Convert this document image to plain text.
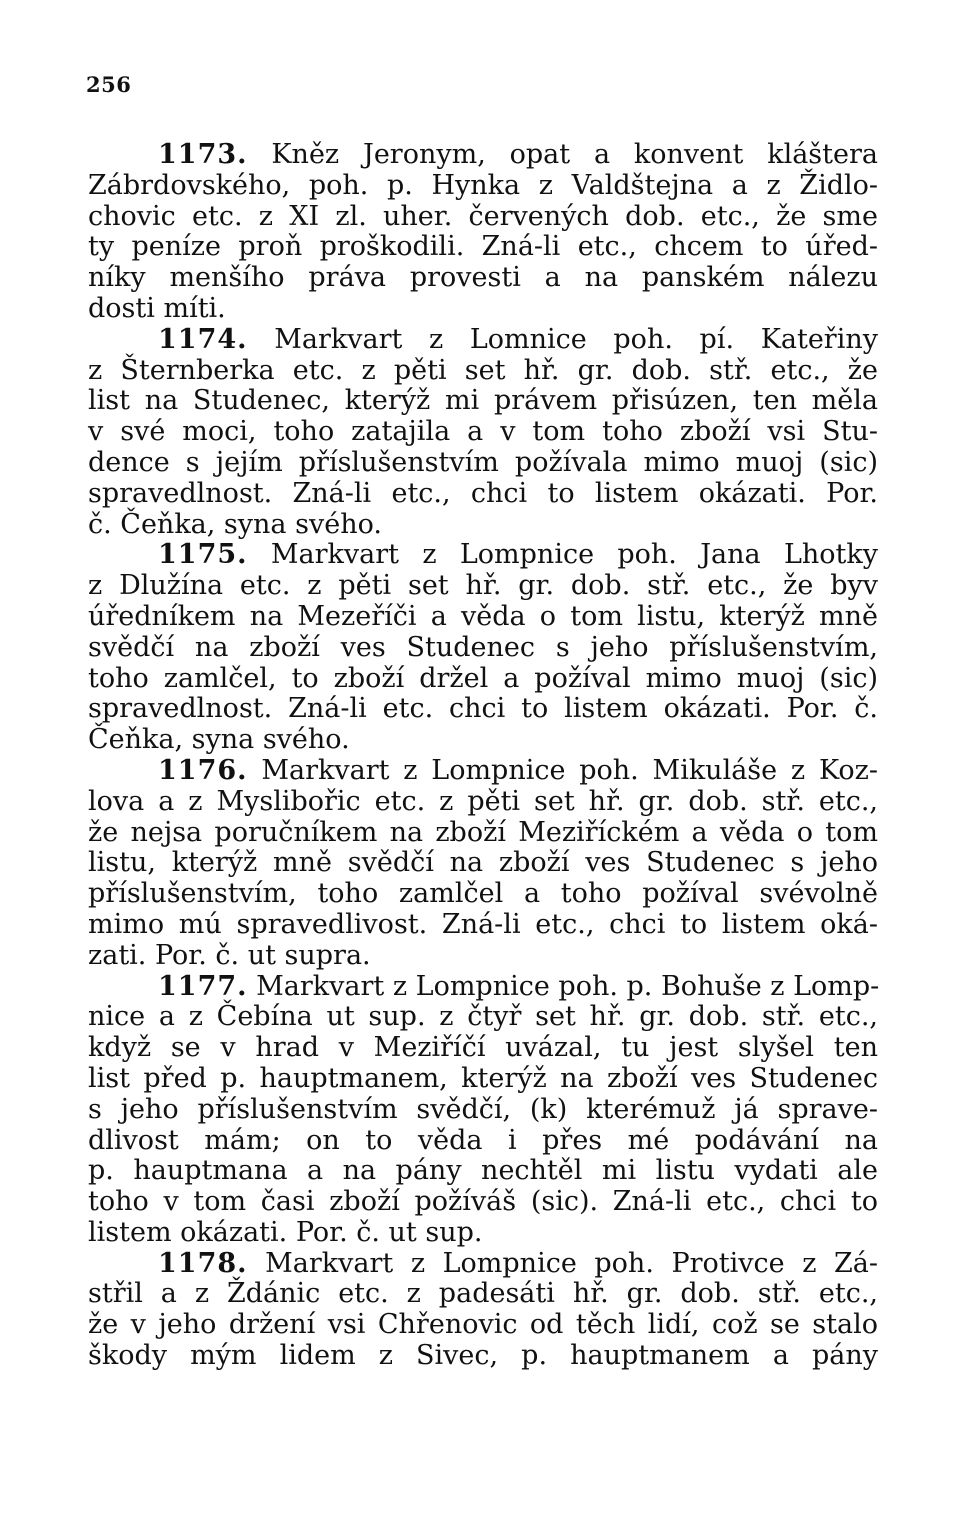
256
1173. Kněz Jeronym, opat a konvent kláštera
Zábrdovského, poh. p. Hynka z Valdštejna a z Židlo-
chovic etc. z XI zl. uher. červených dob. etc., že sme
ty peníze proň proškodili. Zná-li etc., chcem to úřed-
níky menšího práva provesti a na panském nálezu
dosti míti.
1174. Markvart z Lomnice poh. pí. Kateřiny
z Šternberka etc. z pěti set hř. gr. dob. stř. etc., že
list na Studenec, kterýž mi právem přisúzen, ten měla
v své moci, toho zatajila a v tom toho zboží vsi Stu-
dence s jejím příslušenstvím požívala mimo muoj (sic)
spravedlnost. Zná-li etc., chci to listem okázati. Por.
č. Čeňka, syna svého.
1175. Markvart z Lompnice poh. Jana Lhotky
z Dlužína etc. z pěti set hř. gr. dob. stř. etc., že byv
úředníkem na Mezeříči a věda o tom listu, kterýž mně
svědčí na zboží ves Studenec s jeho příslušenstvím,
toho zamlčel, to zboží držel a požíval mimo muoj (sic)
spravedlnost. Zná-li etc. chci to listem okázati. Por. č.
Čeňka, syna svého.
1176. Markvart z Lompnice poh. Mikuláše z Koz-
lova a z Myslibořic etc. z pěti set hř. gr. dob. stř. etc.,
že nejsa poručníkem na zboží Meziříckém a věda o tom
listu, kterýž mně svědčí na zboží ves Studenec s jeho
příslušenstvím, toho zamlčel a toho požíval svévolně
mimo mú spravedlivost. Zná-li etc., chci to listem oká-
zati. Por. č. ut supra.
1177. Markvart z Lompnice poh. p. Bohuše z Lomp-
nice a z Čebína ut sup. z čtyř set hř. gr. dob. stř. etc.,
když se v hrad v Meziříčí uvázal, tu jest slyšel ten
list před p. hauptmanem, kterýž na zboží ves Studenec
s jeho příslušenstvím svědčí, (k) kterémuž já sprave-
dlivost mám; on to věda i přes mé podávání na
p. hauptmana a na pány nechtěl mi listu vydati ale
toho v tom časi zboží požíváš (sic). Zná-li etc., chci to
listem okázati. Por. č. ut sup.
1178. Markvart z Lompnice poh. Protivce z Zá-
střil a z Ždánic etc. z padesáti hř. gr. dob. stř. etc.,
že v jeho držení vsi Chřenovic od těch lidí, což se stalo
škody mým lidem z Sivec, p. hauptmanem a pány
